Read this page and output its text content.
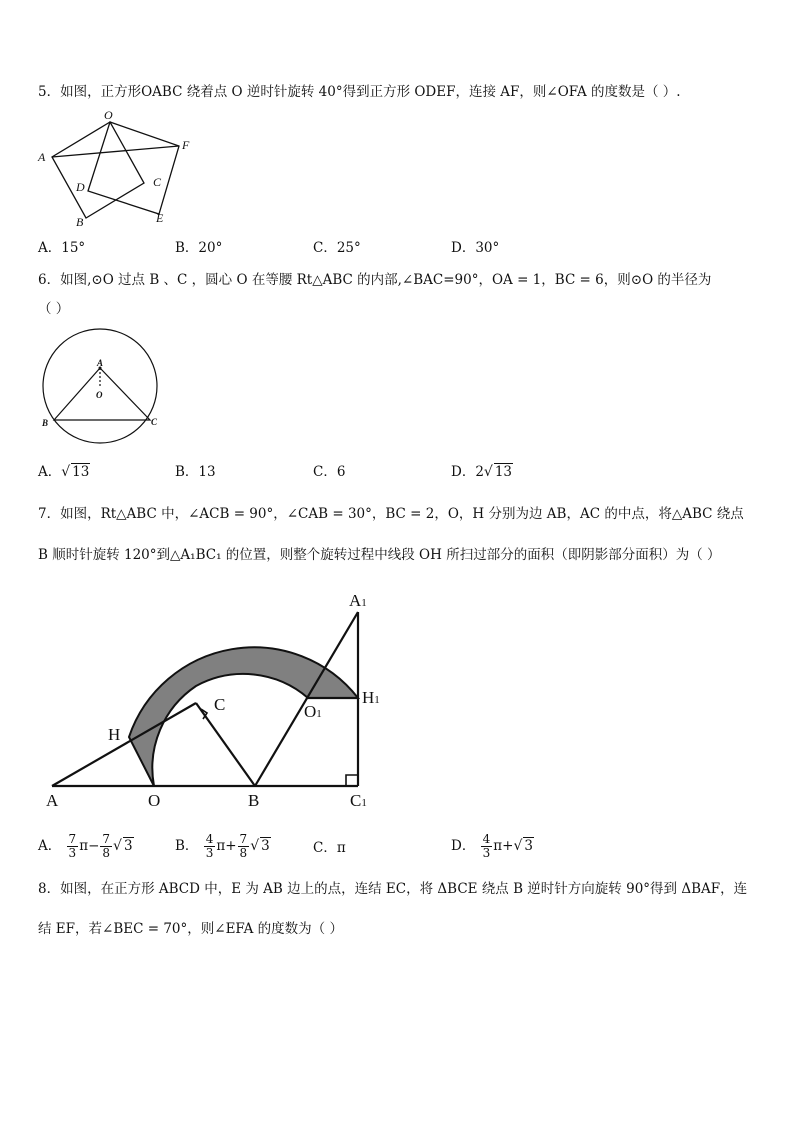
5．如图，正方形OABC 绕着点 O 逆时针旋转 40°得到正方形 ODEF，连接 AF，则∠OFA 的度数是（ ）.
O
A
F
D	C
B	E
A．15°	B．20°	C．25°	D．30°
6．如图,⊙O 过点 B 、C ，圆心 O 在等腰 Rt△ABC 的内部,∠BAC=90°，OA = 1，BC = 6，则⊙O 的半径为
（ ）
A
O
B	C
A．√ 13	B．13	C．6	D．2√ 13
7．如图，Rt△ABC 中，∠ACB = 90°，∠CAB = 30°，BC = 2，O，H 分别为边 AB，AC 的中点，将△ABC 绕点
B 顺时针旋转 120°到△A₁BC₁ 的位置，则整个旋转过程中线段 OH 所扫过部分的面积（即阴影部分面积）为（ ）
A1
H1
O1
C
H
A	O	B	C1
A． $\frac{7}{3} \pi- \frac{7}{8}$ √ 3	B． $\frac{4}{3} \pi+ \frac{7}{8}$ √ 3	C．π	D． $\frac{4}{3} \pi+√$ 3
8．如图，在正方形 ABCD 中，E 为 AB 边上的点，连结 EC，将 ΔBCE 绕点 B 逆时针方向旋转 90°得到 ΔBAF，连
结 EF，若∠BEC = 70°，则∠EFA 的度数为（ ）
